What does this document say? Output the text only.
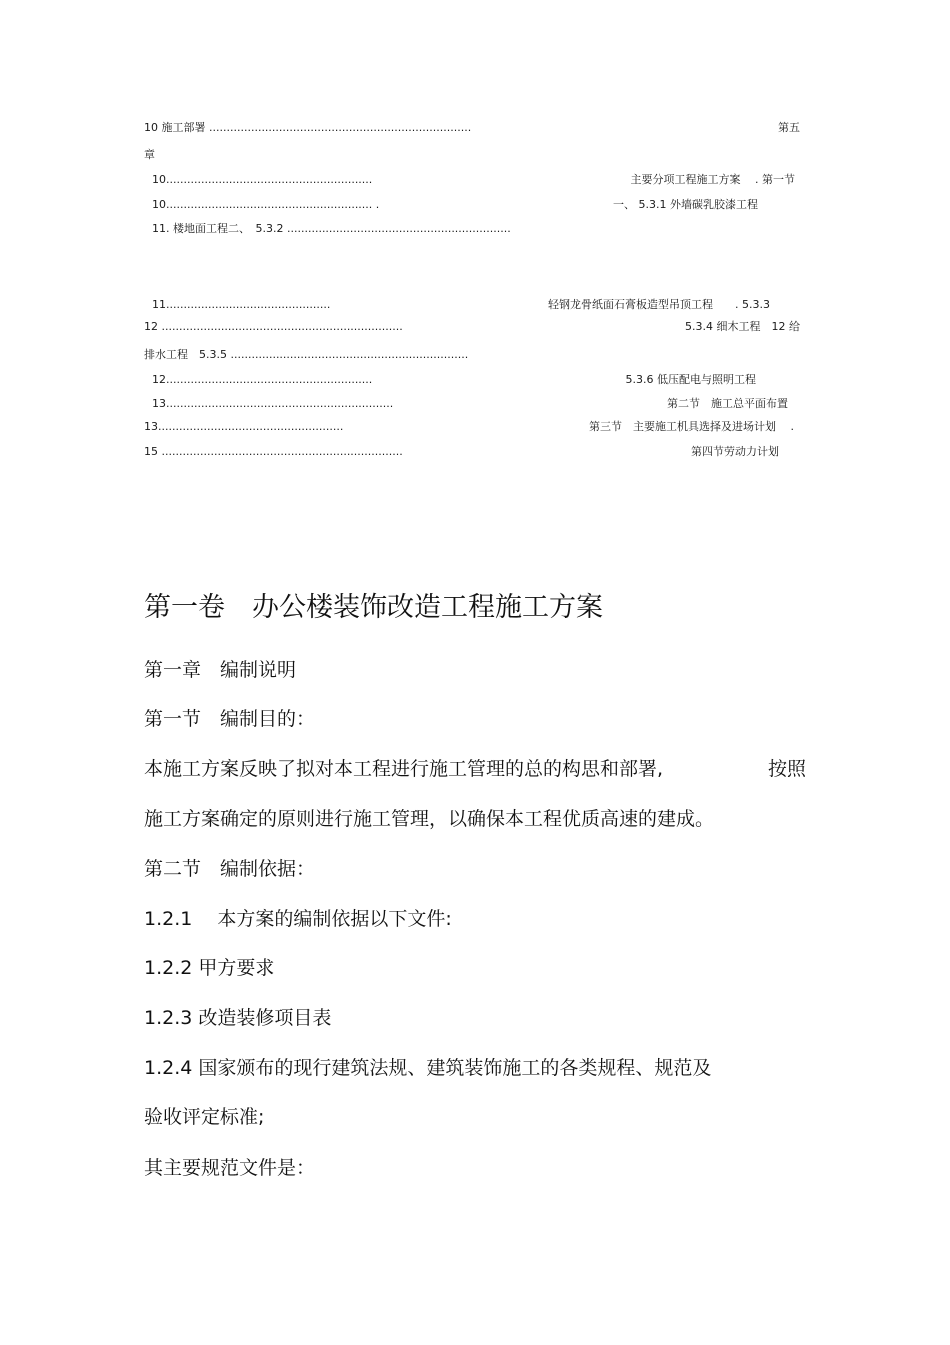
10 施工部署 ...........................................................................	第五
章
10...........................................................	主要分项工程施工方案　 . 第一节
10........................................................... .	一、 5.3.1 外墙碳乳胶漆工程
11. 楼地面工程二、　5.3.2 ................................................................
11...............................................	轻钢龙骨纸面石膏板造型吊顶工程　　. 5.3.3
12 .....................................................................	5.3.4 细木工程　12 给
排水工程　5.3.5 ....................................................................
12...........................................................	5.3.6 低压配电与照明工程
13.................................................................	第二节　施工总平面布置
13.....................................................	第三节　主要施工机具选择及进场计划　 .
15 .....................................................................	第四节劳动力计划
第一卷　办公楼装饰改造工程施工方案
第一章　编制说明
第一节　编制目的：
本施工方案反映了拟对本工程进行施工管理的总的构思和部署,	按照
施工方案确定的原则进行施工管理，以确保本工程优质高速的建成。
第二节　编制依据：
1.2.1　 本方案的编制依据以下文件:
1.2.2 甲方要求
1.2.3 改造装修项目表
1.2.4 国家颁布的现行建筑法规、建筑装饰施工的各类规程、规范及
验收评定标准;
其主要规范文件是：
